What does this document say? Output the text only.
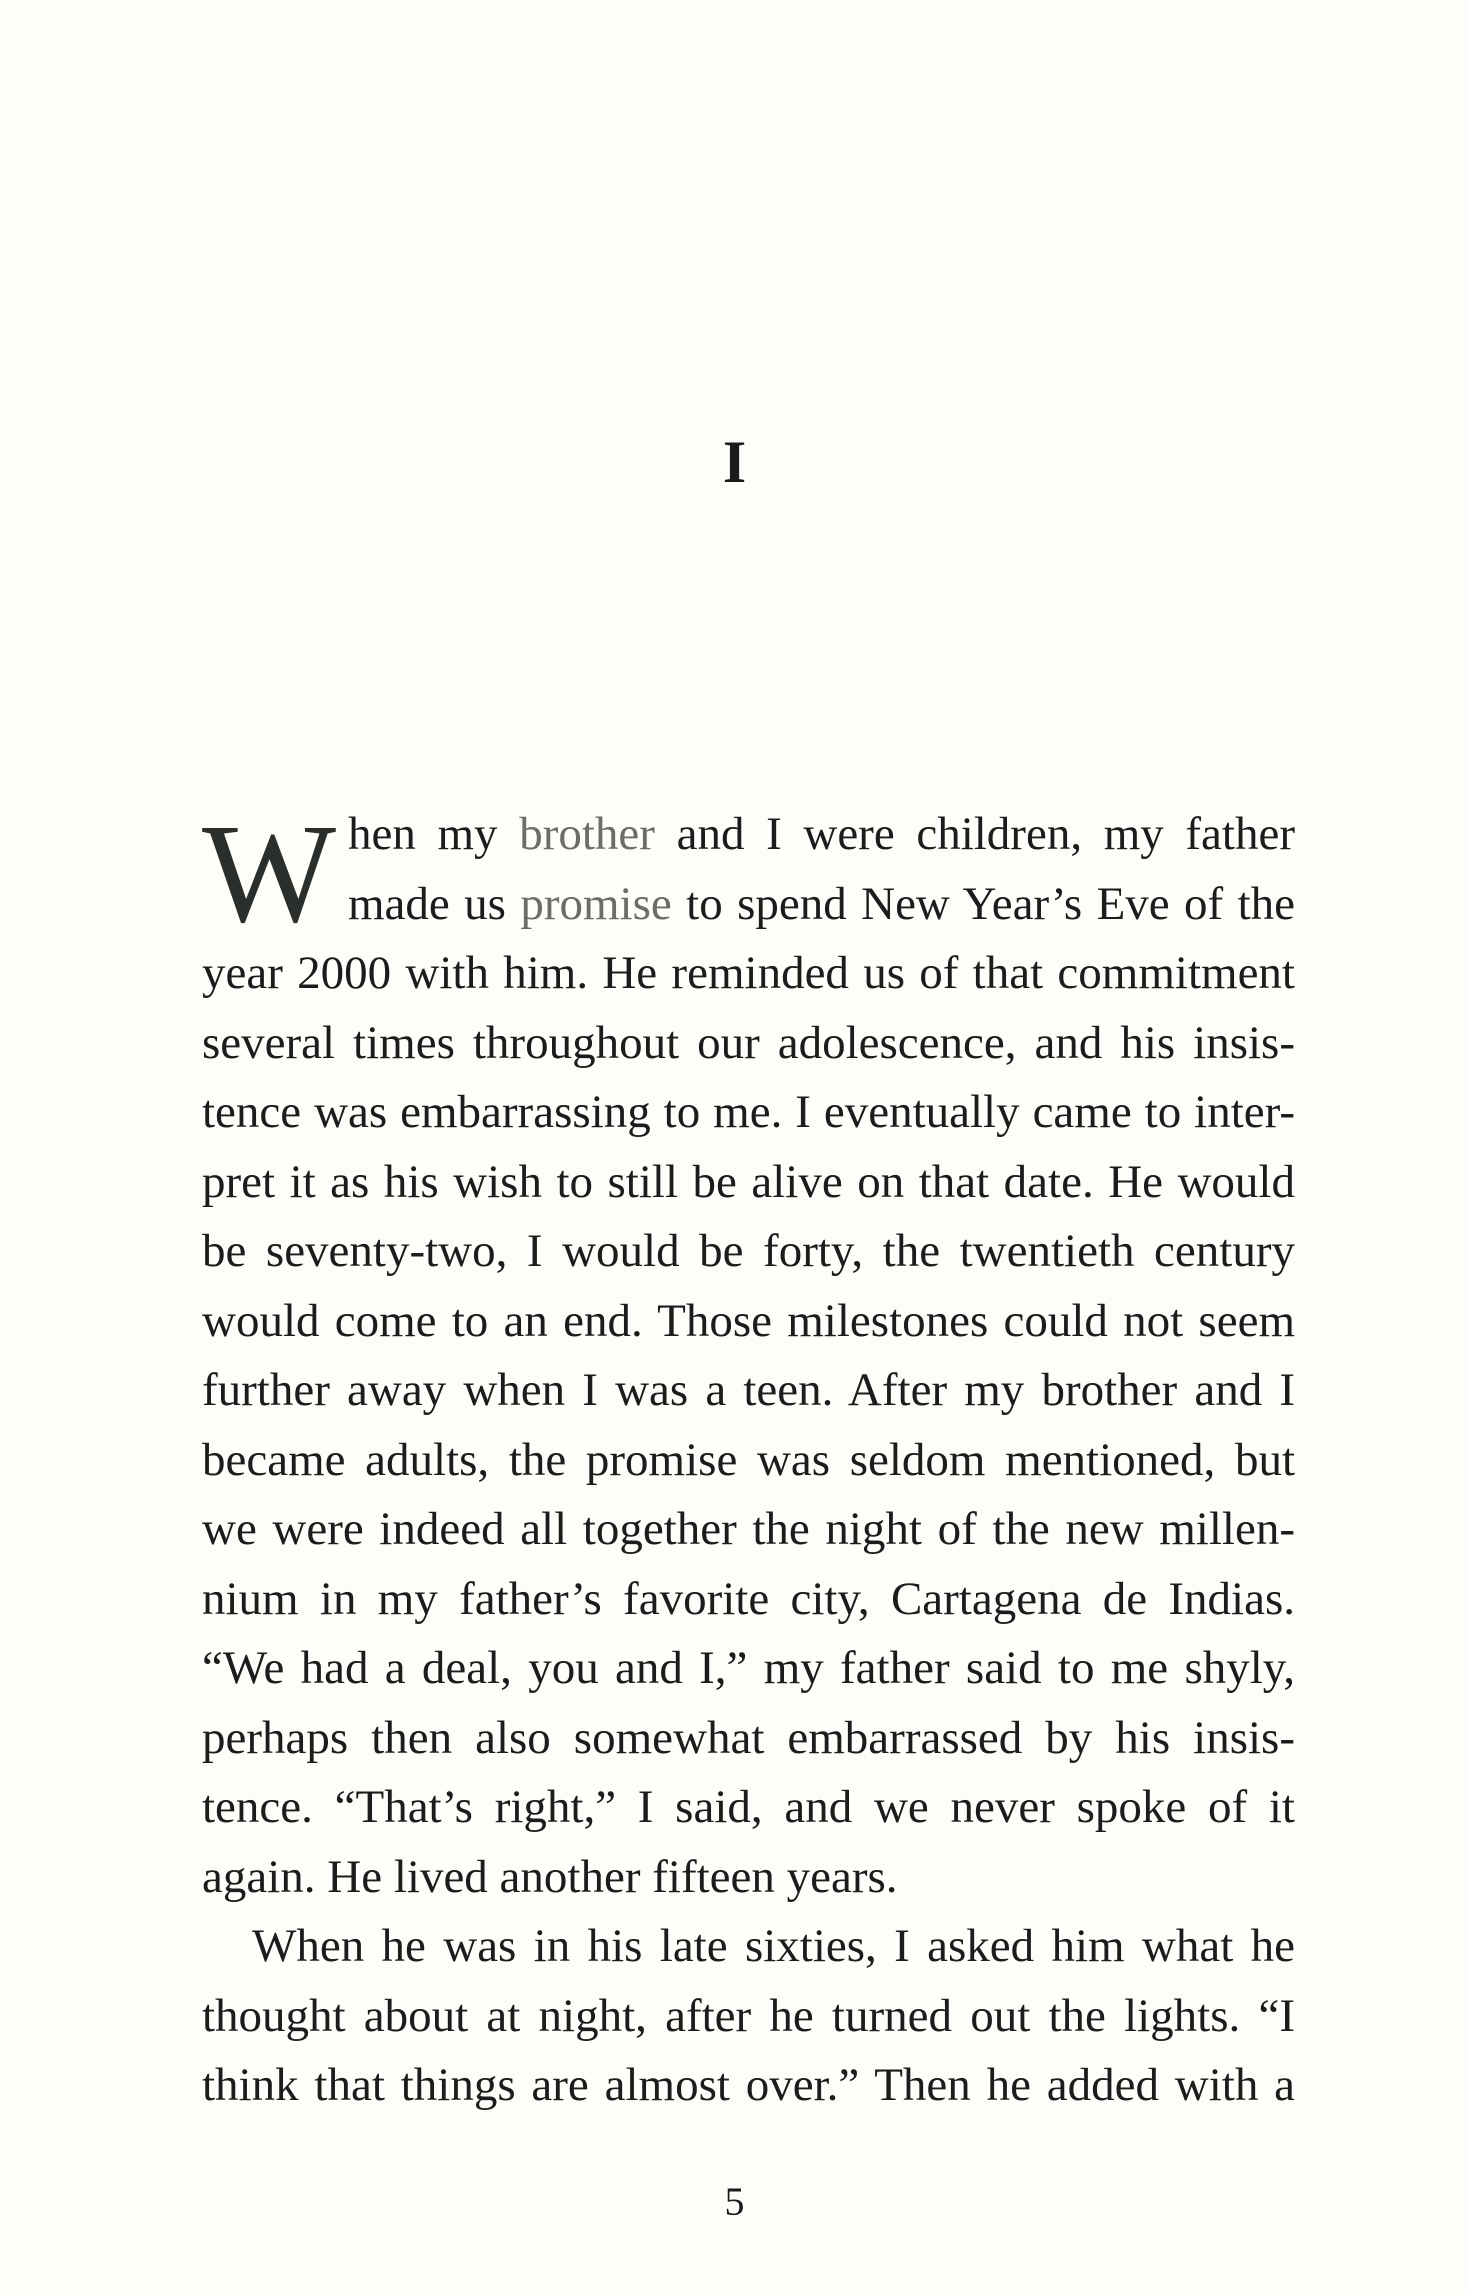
I
W hen my brother and I were children, my father
made us promise to spend New Year’s Eve of the
year 2000 with him. He reminded us of that commitment
several times throughout our adolescence, and his insis-
tence was embarrassing to me. I eventually came to inter-
pret it as his wish to still be alive on that date. He would
be seventy-two, I would be forty, the twentieth century
would come to an end. Those milestones could not seem
further away when I was a teen. After my brother and I
became adults, the promise was seldom mentioned, but
we were indeed all together the night of the new millen-
nium in my father’s favorite city, Cartagena de Indias.
“We had a deal, you and I,” my father said to me shyly,
perhaps then also somewhat embarrassed by his insis-
tence. “That’s right,” I said, and we never spoke of it
again. He lived another fifteen years.
When he was in his late sixties, I asked him what he
thought about at night, after he turned out the lights. “I
think that things are almost over.” Then he added with a
5
